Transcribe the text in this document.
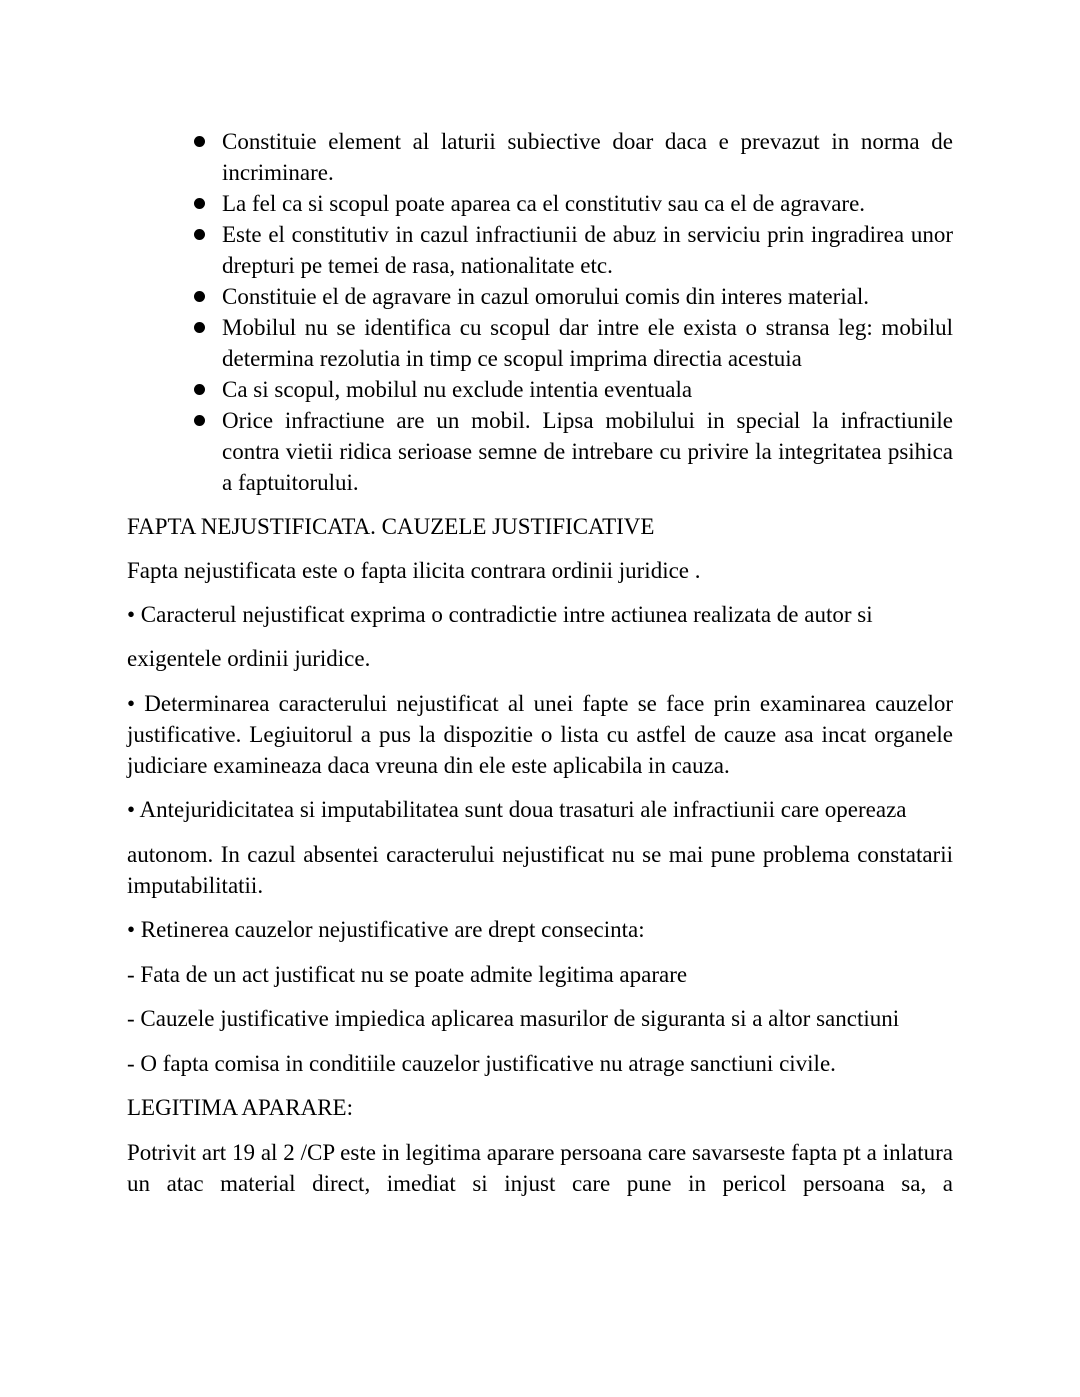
Constituie element al laturii subiective doar daca e prevazut in norma de incriminare.
La fel ca si scopul poate aparea ca el constitutiv sau ca el de agravare.
Este el constitutiv in cazul infractiunii de abuz in serviciu prin ingradirea unor drepturi pe temei de rasa, nationalitate etc.
Constituie el de agravare in cazul omorului comis din interes material.
Mobilul nu se identifica cu scopul dar intre ele exista o stransa leg: mobilul determina rezolutia in timp ce scopul imprima directia acestuia
Ca si scopul, mobilul nu exclude intentia eventuala
Orice infractiune are un mobil. Lipsa mobilului in special la infractiunile contra vietii ridica serioase semne de intrebare cu privire la integritatea psihica a faptuitorului.

FAPTA NEJUSTIFICATA. CAUZELE JUSTIFICATIVE

Fapta nejustificata este o fapta ilicita contrara ordinii juridice .

• Caracterul nejustificat exprima o contradictie intre actiunea realizata de autor si

exigentele ordinii juridice.

• Determinarea caracterului nejustificat al unei fapte se face prin examinarea cauzelor justificative. Legiuitorul a pus la dispozitie o lista cu astfel de cauze asa incat organele judiciare examineaza daca vreuna din ele este aplicabila in cauza.

• Antejuridicitatea si imputabilitatea sunt doua trasaturi ale infractiunii care opereaza

autonom. In cazul absentei caracterului nejustificat nu se mai pune problema constatarii imputabilitatii.

• Retinerea cauzelor nejustificative are drept consecinta:

- Fata de un act justificat nu se poate admite legitima aparare

- Cauzele justificative impiedica aplicarea masurilor de siguranta si a altor sanctiuni

- O fapta comisa in conditiile cauzelor justificative nu atrage sanctiuni civile.

LEGITIMA APARARE:

Potrivit art 19 al 2 /CP este in legitima aparare persoana care savarseste fapta pt a inlatura un atac material direct, imediat si injust care pune in pericol persoana sa, a
